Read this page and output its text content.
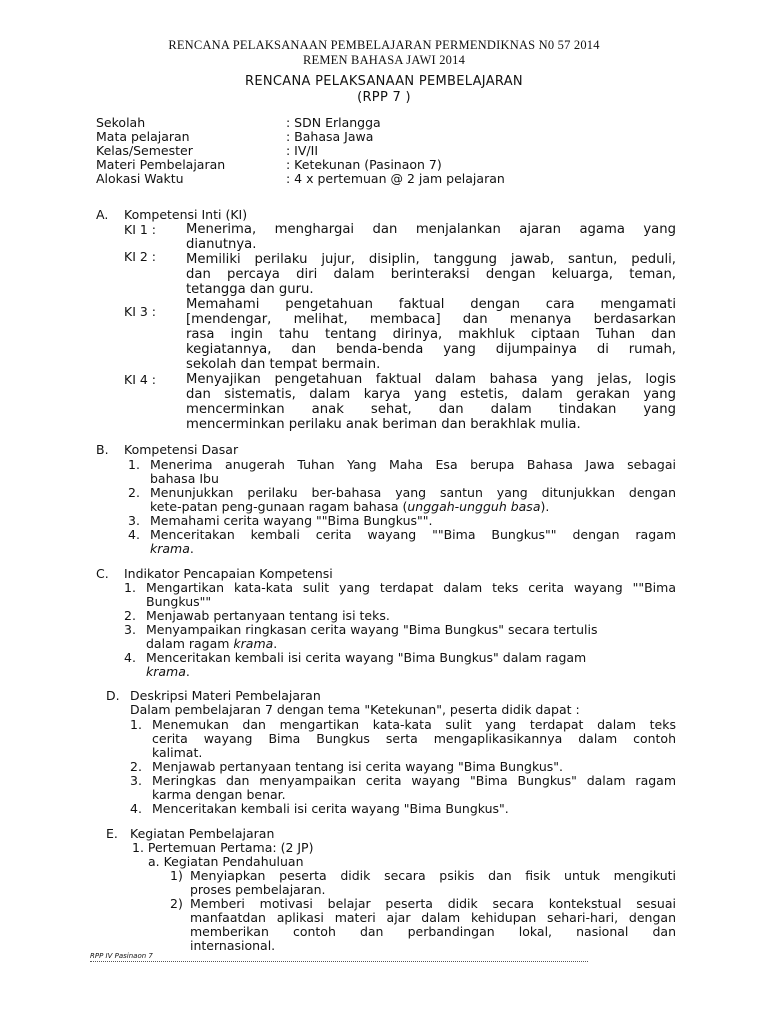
RENCANA PELAKSANAAN PEMBELAJARAN PERMENDIKNAS N0 57 2014
REMEN BAHASA JAWI 2014
RENCANA PELAKSANAAN PEMBELAJARAN
(RPP 7 )
Sekolah	: SDN Erlangga
Mata pelajaran	: Bahasa Jawa
Kelas/Semester	: IV/II
Materi Pembelajaran	: Ketekunan (Pasinaon 7)
Alokasi Waktu	: 4 x pertemuan @ 2 jam pelajaran
A. Kompetensi Inti (KI)
KI 1 : Menerima, menghargai dan menjalankan ajaran agama yang
dianutnya.
KI 2 : Memiliki perilaku jujur, disiplin, tanggung jawab, santun, peduli,
dan percaya diri dalam berinteraksi dengan keluarga, teman,
tetangga dan guru.
KI 3 : Memahami pengetahuan faktual dengan cara mengamati
[mendengar, melihat, membaca] dan menanya berdasarkan
rasa ingin tahu tentang dirinya, makhluk ciptaan Tuhan dan
kegiatannya, dan benda-benda yang dijumpainya di rumah,
sekolah dan tempat bermain.
KI 4 : Menyajikan pengetahuan faktual dalam bahasa yang jelas, logis
dan sistematis, dalam karya yang estetis, dalam gerakan yang
mencerminkan anak sehat, dan dalam tindakan yang
mencerminkan perilaku anak beriman dan berakhlak mulia.
B. Kompetensi Dasar
1. Menerima anugerah Tuhan Yang Maha Esa berupa Bahasa Jawa sebagai
bahasa Ibu
2. Menunjukkan perilaku ber-bahasa yang santun yang ditunjukkan dengan
kete-patan peng-gunaan ragam bahasa (unggah-ungguh basa).
3. Memahami cerita wayang ""Bima Bungkus"".
4. Menceritakan kembali cerita wayang ""Bima Bungkus"" dengan ragam
krama.
C. Indikator Pencapaian Kompetensi
1. Mengartikan kata-kata sulit yang terdapat dalam teks cerita wayang ""Bima
Bungkus""
2. Menjawab pertanyaan tentang isi teks.
3. Menyampaikan ringkasan cerita wayang "Bima Bungkus" secara tertulis
dalam ragam krama.
4. Menceritakan kembali isi cerita wayang "Bima Bungkus" dalam ragam
krama.
D. Deskripsi Materi Pembelajaran
Dalam pembelajaran 7 dengan tema "Ketekunan", peserta didik dapat :
1. Menemukan dan mengartikan kata-kata sulit yang terdapat dalam teks
cerita wayang Bima Bungkus serta mengaplikasikannya dalam contoh
kalimat.
2. Menjawab pertanyaan tentang isi cerita wayang "Bima Bungkus".
3. Meringkas dan menyampaikan cerita wayang "Bima Bungkus" dalam ragam
karma dengan benar.
4. Menceritakan kembali isi cerita wayang "Bima Bungkus".
E. Kegiatan Pembelajaran
1. Pertemuan Pertama: (2 JP)
a. Kegiatan Pendahuluan
1) Menyiapkan peserta didik secara psikis dan fisik untuk mengikuti
proses pembelajaran.
2) Memberi motivasi belajar peserta didik secara kontekstual sesuai
manfaatdan aplikasi materi ajar dalam kehidupan sehari-hari, dengan
memberikan contoh dan perbandingan lokal, nasional dan
internasional.
RPP IV Pasinaon 7
